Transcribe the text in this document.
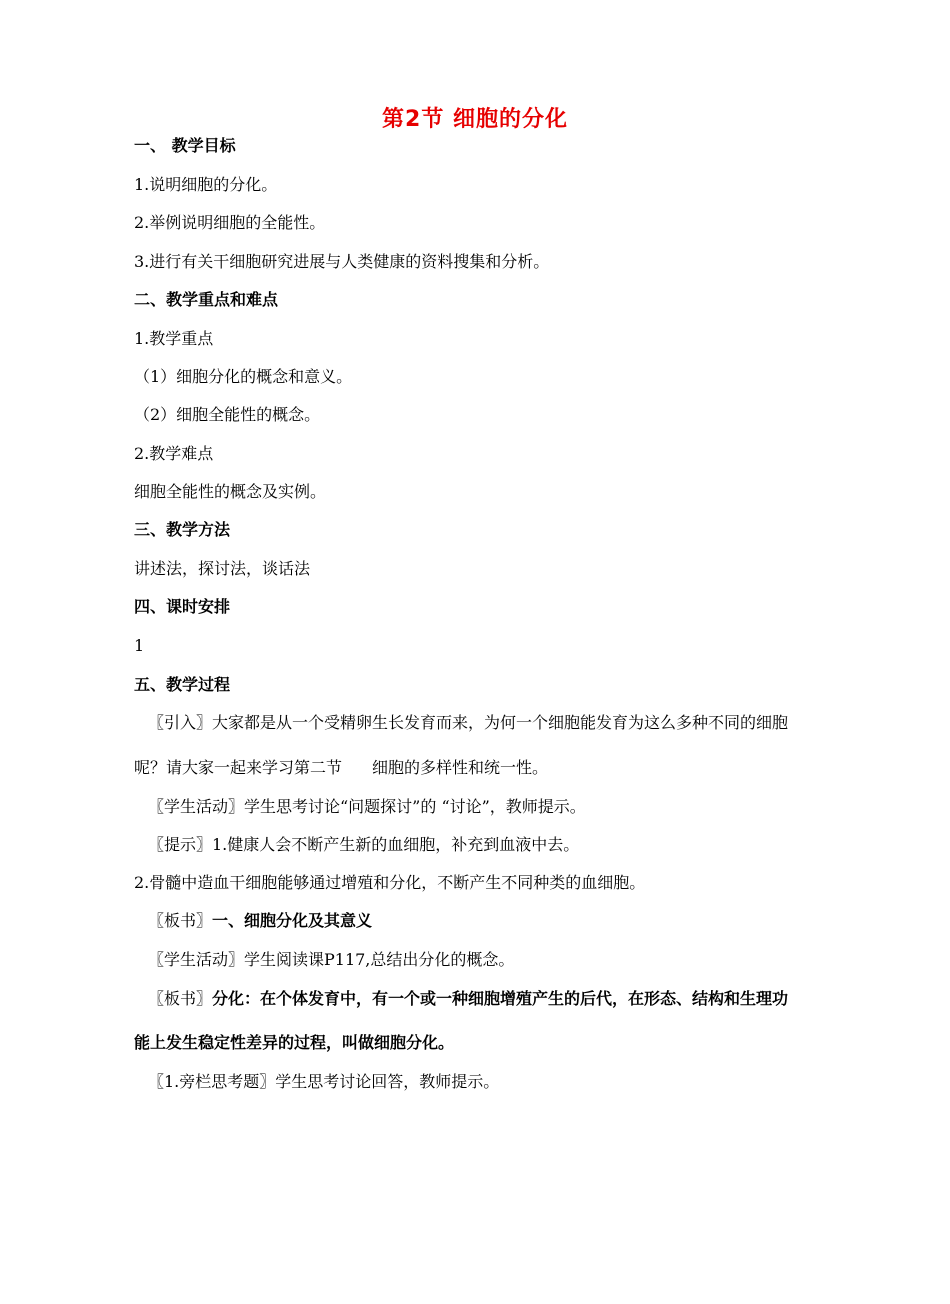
第2节 细胞的分化
一、 教学目标
1.说明细胞的分化。
2.举例说明细胞的全能性。
3.进行有关干细胞研究进展与人类健康的资料搜集和分析。
二、教学重点和难点
1.教学重点
（1）细胞分化的概念和意义。
（2）细胞全能性的概念。
2.教学难点
细胞全能性的概念及实例。
三、教学方法
讲述法，探讨法，谈话法
四、课时安排
1
五、教学过程
〖引入〗大家都是从一个受精卵生长发育而来，为何一个细胞能发育为这么多种不同的细胞
呢？请大家一起来学习第二节 细胞的多样性和统一性。
〖学生活动〗学生思考讨论“问题探讨”的 “讨论”，教师提示。
〖提示〗1.健康人会不断产生新的血细胞，补充到血液中去。
2.骨髓中造血干细胞能够通过增殖和分化，不断产生不同种类的血细胞。
〖板书〗一、细胞分化及其意义
〖学生活动〗学生阅读课P117,总结出分化的概念。
〖板书〗分化：在个体发育中，有一个或一种细胞增殖产生的后代，在形态、结构和生理功
能上发生稳定性差异的过程，叫做细胞分化。
〖1.旁栏思考题〗学生思考讨论回答，教师提示。
